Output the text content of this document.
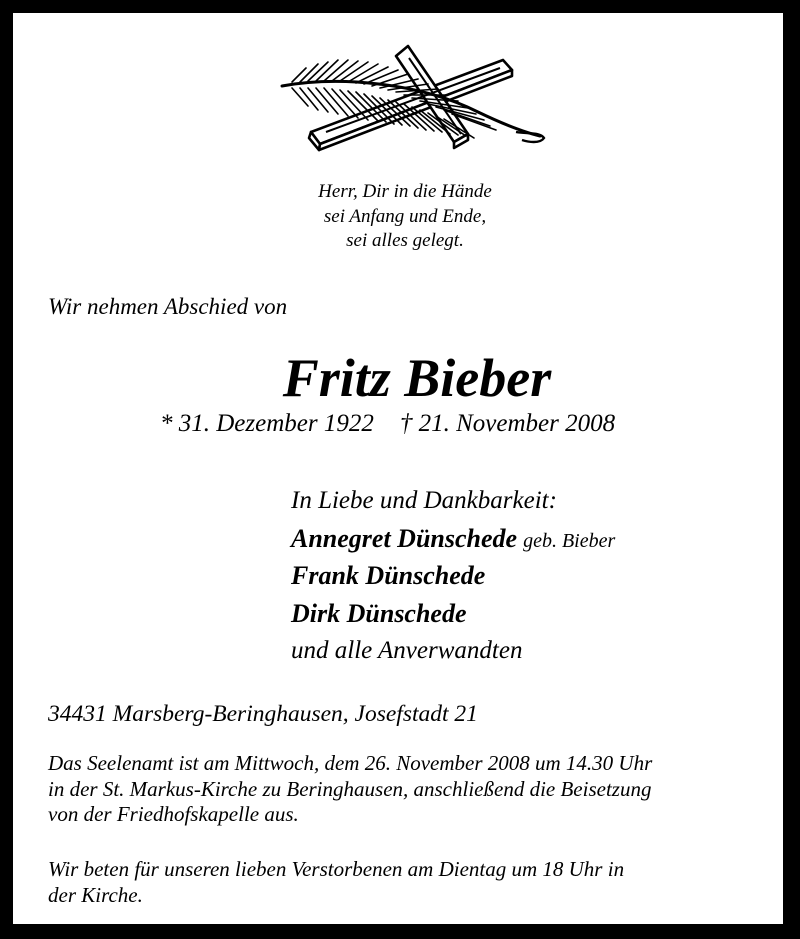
Herr, Dir in die Hände
sei Anfang und Ende,
sei alles gelegt.
Wir nehmen Abschied von
Fritz Bieber
* 31. Dezember 1922 † 21. November 2008
In Liebe und Dankbarkeit:
Annegret Dünschede geb. Bieber
Frank Dünschede
Dirk Dünschede
und alle Anverwandten
34431 Marsberg-Beringhausen, Josefstadt 21
Das Seelenamt ist am Mittwoch, dem 26. November 2008 um 14.30 Uhr
in der St. Markus-Kirche zu Beringhausen, anschließend die Beisetzung
von der Friedhofskapelle aus.
Wir beten für unseren lieben Verstorbenen am Dientag um 18 Uhr in
der Kirche.
